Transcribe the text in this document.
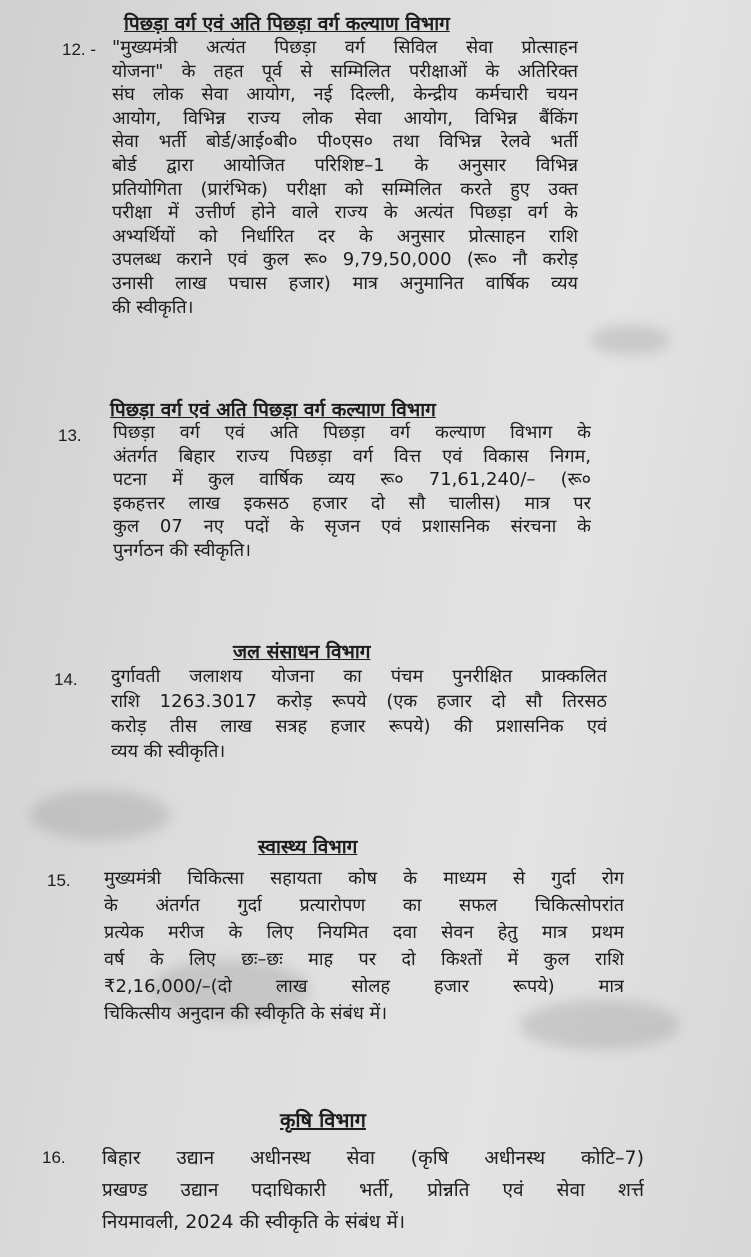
पिछड़ा वर्ग एवं अति पिछड़ा वर्ग कल्याण विभाग
12. - "मुख्यमंत्री अत्यंत पिछड़ा वर्ग सिविल सेवा प्रोत्साहन
योजना" के तहत पूर्व से सम्मिलित परीक्षाओं के अतिरिक्त
संघ लोक सेवा आयोग, नई दिल्ली, केन्द्रीय कर्मचारी चयन
आयोग, विभिन्न राज्य लोक सेवा आयोग, विभिन्न बैंकिंग
सेवा भर्ती बोर्ड/आई०बी० पी०एस० तथा विभिन्न रेलवे भर्ती
बोर्ड द्वारा आयोजित परिशिष्ट–1 के अनुसार विभिन्न
प्रतियोगिता (प्रारंभिक) परीक्षा को सम्मिलित करते हुए उक्त
परीक्षा में उत्तीर्ण होने वाले राज्य के अत्यंत पिछड़ा वर्ग के
अभ्यर्थियों को निर्धारित दर के अनुसार प्रोत्साहन राशि
उपलब्ध कराने एवं कुल रू० 9,79,50,000 (रू० नौ करोड़
उनासी लाख पचास हजार) मात्र अनुमानित वार्षिक व्यय
की स्वीकृति।
पिछड़ा वर्ग एवं अति पिछड़ा वर्ग कल्याण विभाग
13. पिछड़ा वर्ग एवं अति पिछड़ा वर्ग कल्याण विभाग के
अंतर्गत बिहार राज्य पिछड़ा वर्ग वित्त एवं विकास निगम,
पटना में कुल वार्षिक व्यय रू० 71,61,240/– (रू०
इकहत्तर लाख इकसठ हजार दो सौ चालीस) मात्र पर
कुल 07 नए पदों के सृजन एवं प्रशासनिक संरचना के
पुनर्गठन की स्वीकृति।
जल संसाधन विभाग
14. दुर्गावती जलाशय योजना का पंचम पुनरीक्षित प्राक्कलित
राशि 1263.3017 करोड़ रूपये (एक हजार दो सौ तिरसठ
करोड़ तीस लाख सत्रह हजार रूपये) की प्रशासनिक एवं
व्यय की स्वीकृति।
स्वास्थ्य विभाग
15. मुख्यमंत्री चिकित्सा सहायता कोष के माध्यम से गुर्दा रोग
के अंतर्गत गुर्दा प्रत्यारोपण का सफल चिकित्सोपरांत
प्रत्येक मरीज के लिए नियमित दवा सेवन हेतु मात्र प्रथम
वर्ष के लिए छः–छः माह पर दो किश्तों में कुल राशि
₹2,16,000/–(दो लाख सोलह हजार रूपये) मात्र
चिकित्सीय अनुदान की स्वीकृति के संबंध में।
कृषि विभाग
16. बिहार उद्यान अधीनस्थ सेवा (कृषि अधीनस्थ कोटि–7)
प्रखण्ड उद्यान पदाधिकारी भर्ती, प्रोन्नति एवं सेवा शर्त्त
नियमावली, 2024 की स्वीकृति के संबंध में।
